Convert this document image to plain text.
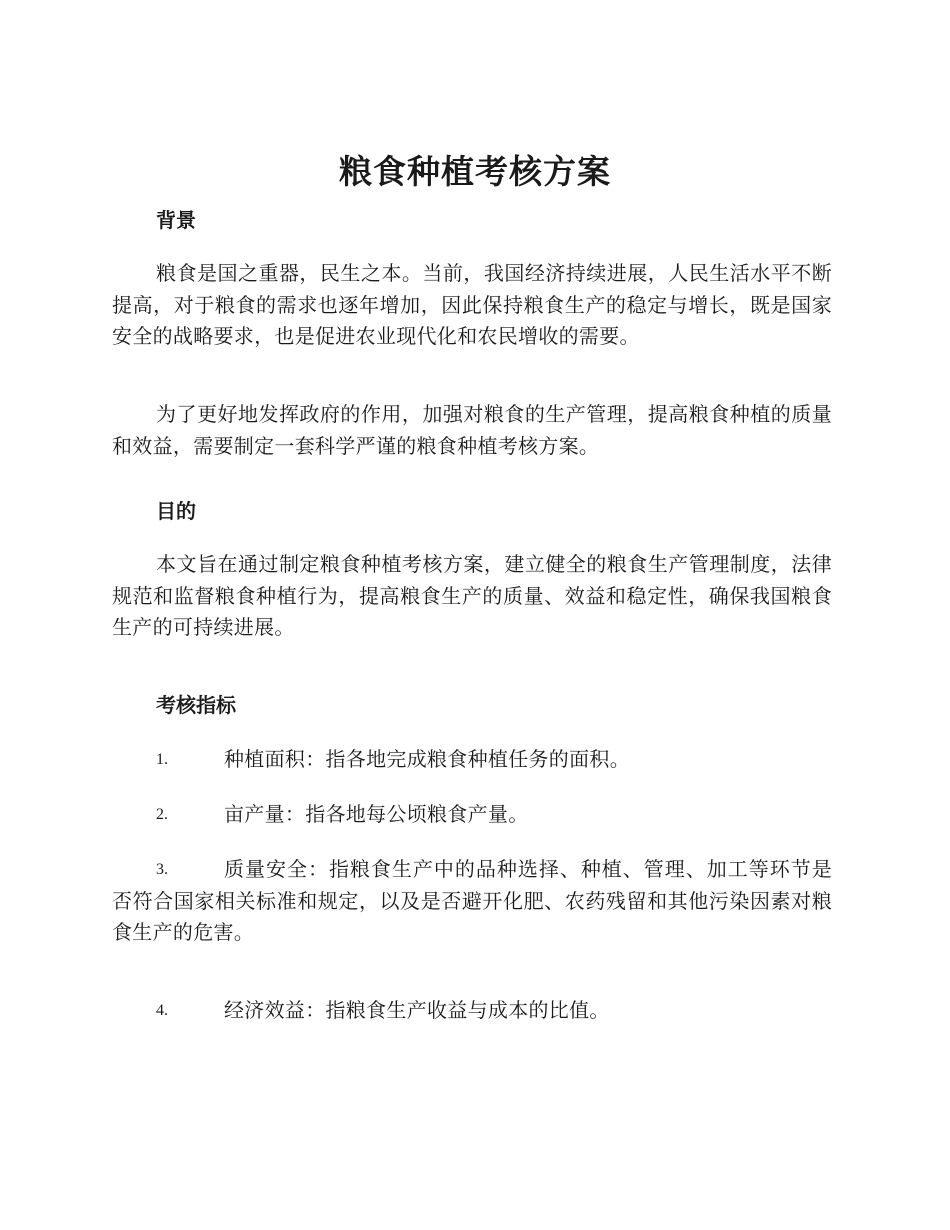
粮食种植考核方案
背景
粮食是国之重器，民生之本。当前，我国经济持续进展，人民生活水平不断提高，对于粮食的需求也逐年增加，因此保持粮食生产的稳定与增长，既是国家安全的战略要求，也是促进农业现代化和农民增收的需要。
为了更好地发挥政府的作用，加强对粮食的生产管理，提高粮食种植的质量和效益，需要制定一套科学严谨的粮食种植考核方案。
目的
本文旨在通过制定粮食种植考核方案，建立健全的粮食生产管理制度，法律规范和监督粮食种植行为，提高粮食生产的质量、效益和稳定性，确保我国粮食生产的可持续进展。
考核指标
1.	种植面积：指各地完成粮食种植任务的面积。
2.	亩产量：指各地每公顷粮食产量。
3.	质量安全：指粮食生产中的品种选择、种植、管理、加工等环节是否符合国家相关标准和规定，以及是否避开化肥、农药残留和其他污染因素对粮食生产的危害。
4.	经济效益：指粮食生产收益与成本的比值。
